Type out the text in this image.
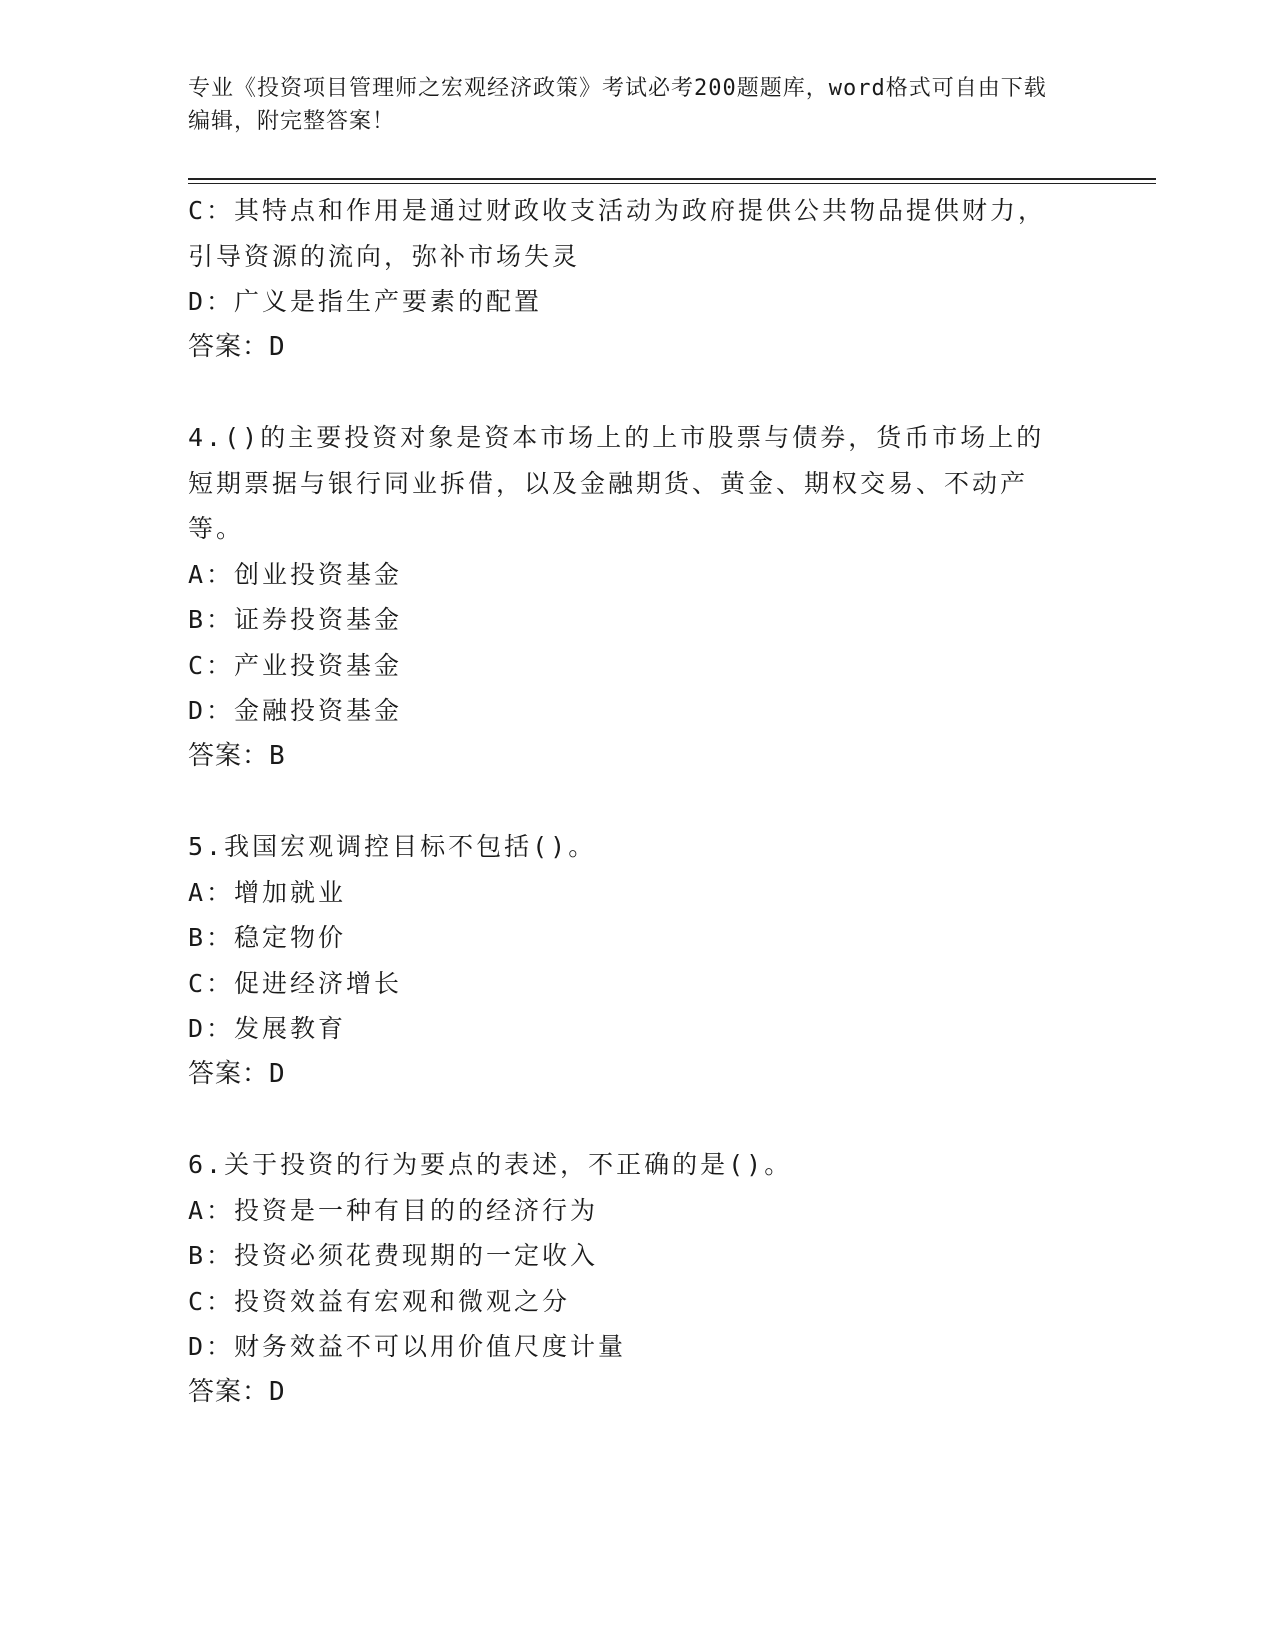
专业《投资项目管理师之宏观经济政策》考试必考200题题库，word格式可自由下载编辑，附完整答案！

C：其特点和作用是通过财政收支活动为政府提供公共物品提供财力，引导资源的流向，弥补市场失灵

D：广义是指生产要素的配置

答案：D

4.()的主要投资对象是资本市场上的上市股票与债券，货币市场上的短期票据与银行同业拆借，以及金融期货、黄金、期权交易、不动产等。

A：创业投资基金

B：证券投资基金

C：产业投资基金

D：金融投资基金

答案：B

5.我国宏观调控目标不包括()。

A：增加就业

B：稳定物价

C：促进经济增长

D：发展教育

答案：D

6.关于投资的行为要点的表述，不正确的是()。

A：投资是一种有目的的经济行为

B：投资必须花费现期的一定收入

C：投资效益有宏观和微观之分

D：财务效益不可以用价值尺度计量

答案：D
